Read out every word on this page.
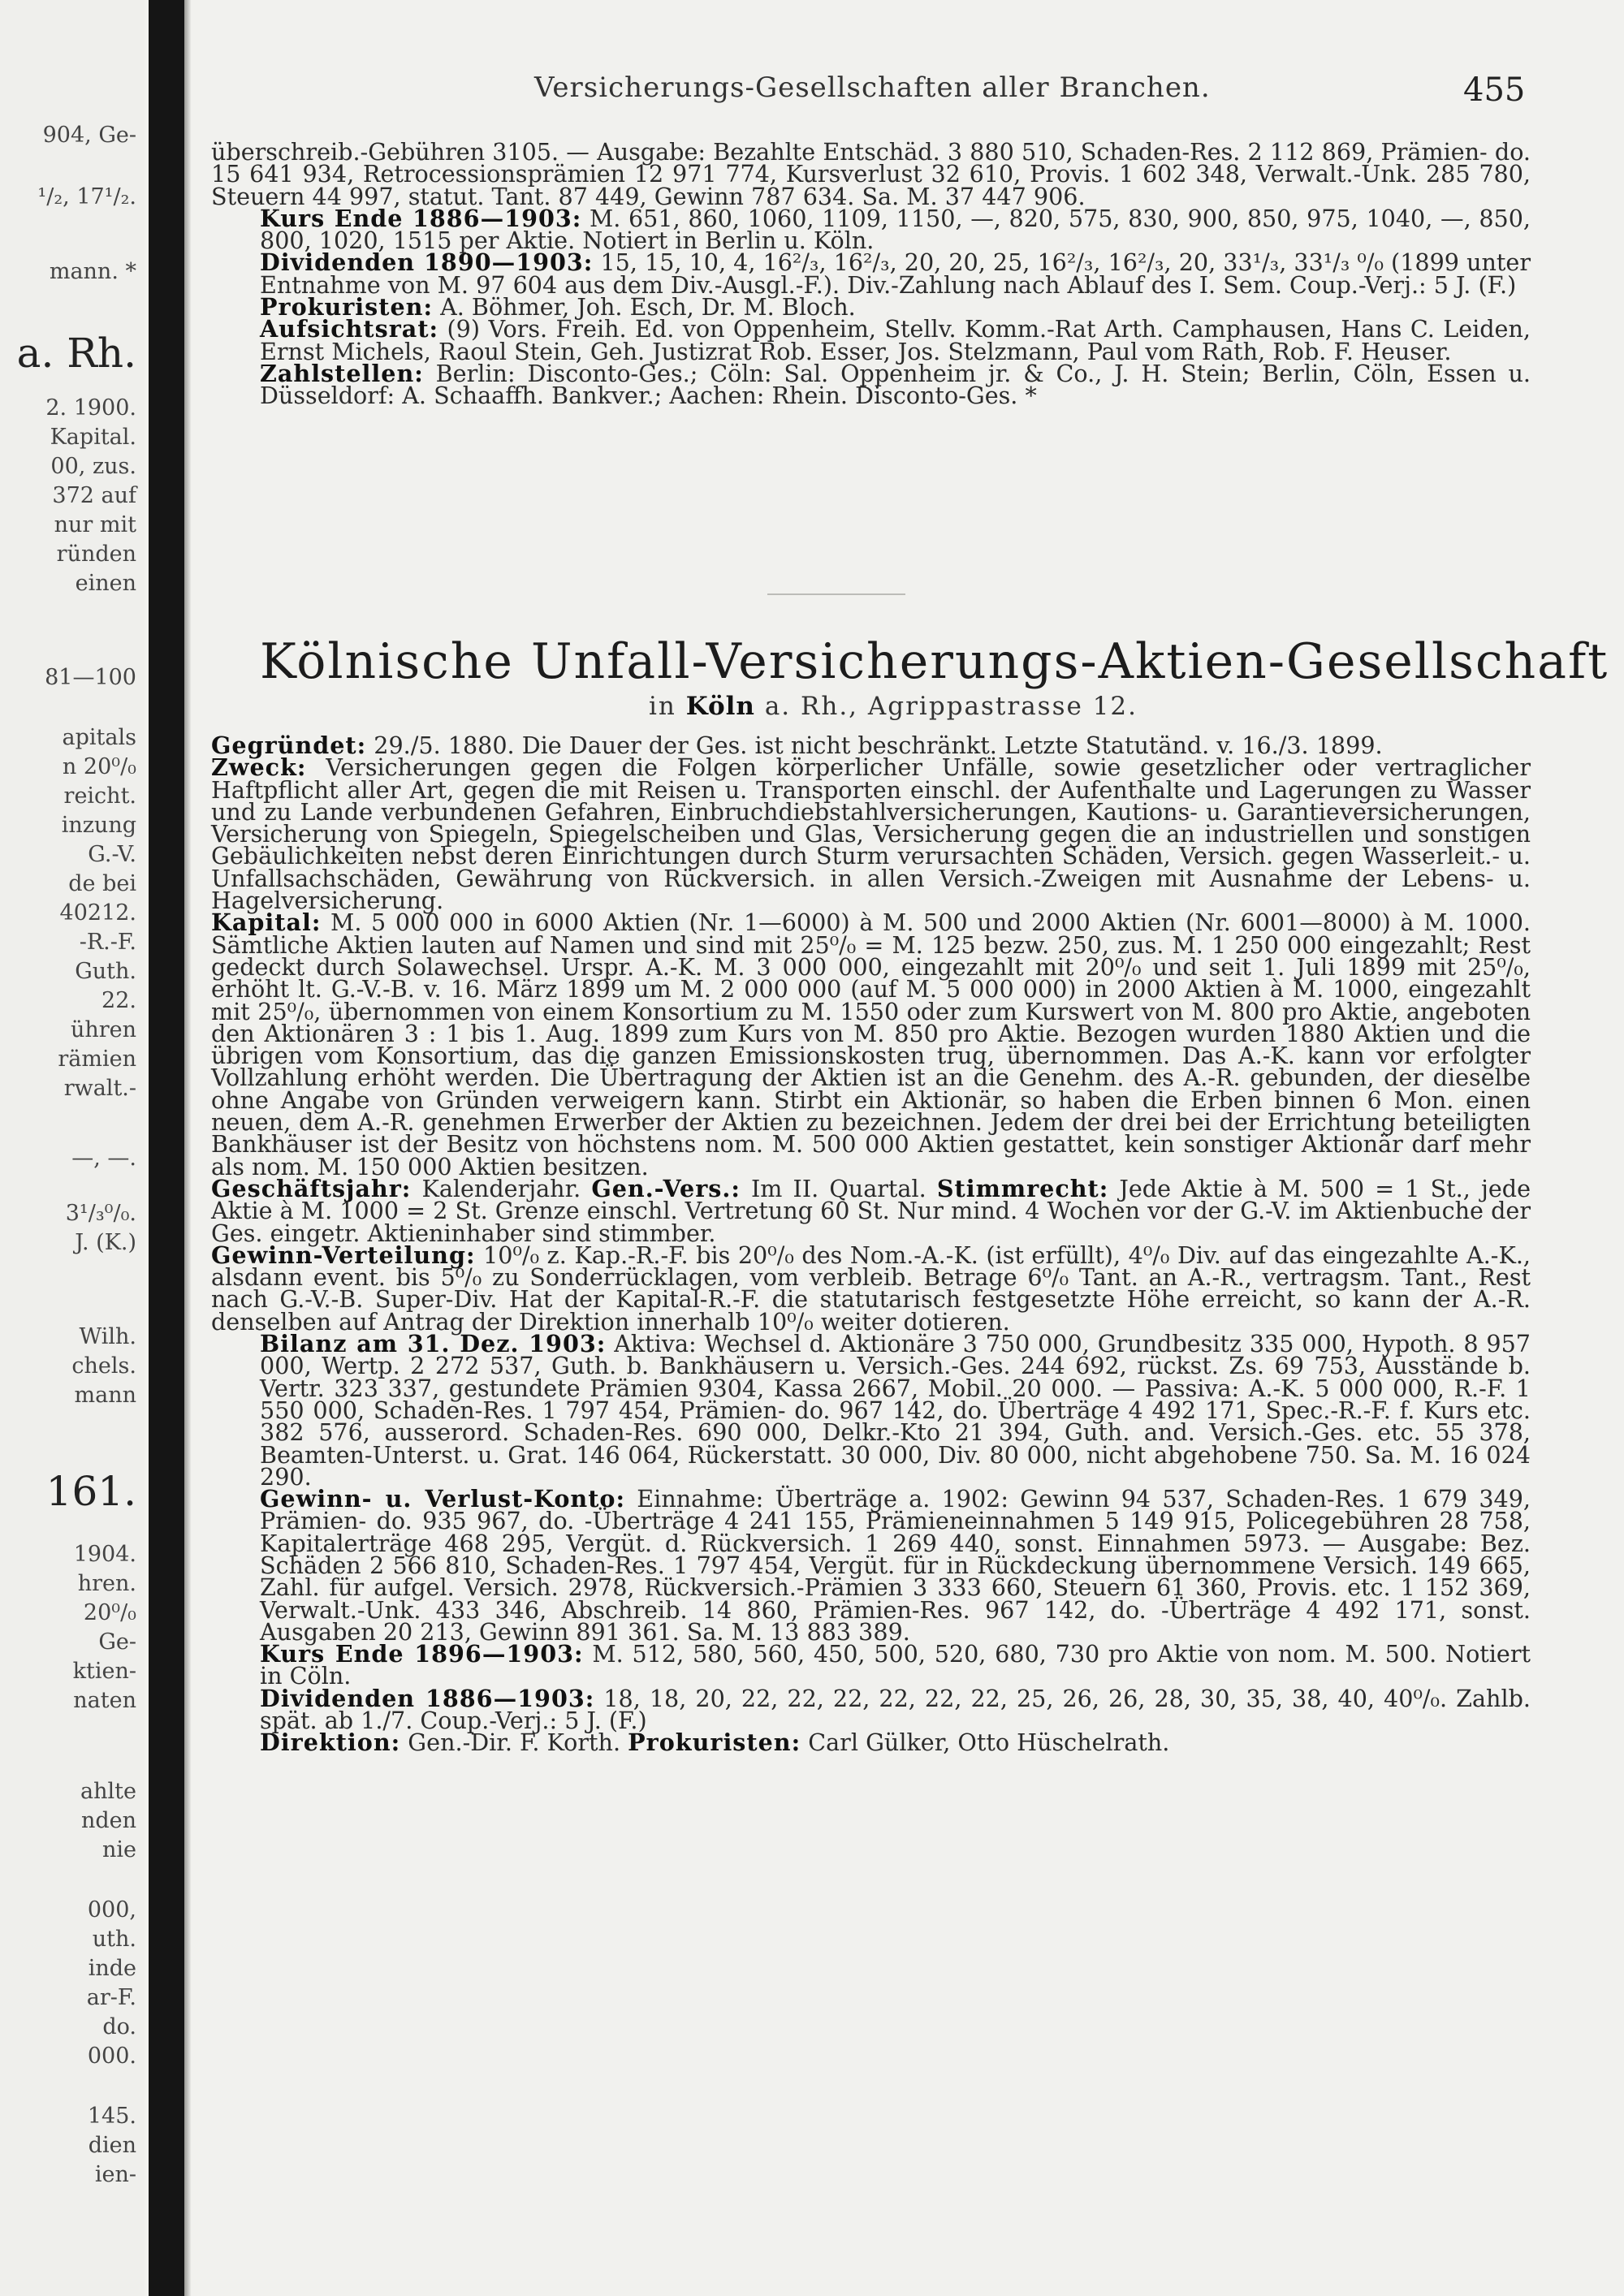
904, Ge-
¹/₂, 17¹/₂.
mann. *
a. Rh.
2. 1900.
Kapital.
00, zus.
372 auf
nur mit
ründen
einen
81—100
apitals
n 20⁰/₀
reicht.
inzung
G.-V.
de bei
40212.
-R.-F.
Guth.
22.
ühren
rämien
rwalt.-
—, —.
3¹/₃⁰/₀.
J. (K.)
Wilh.
chels.
mann
161.
1904.
hren.
20⁰/₀
Ge-
ktien-
naten
ahlte
nden
nie
000,
uth.
inde
ar-F.
do.
000.
145.
dien
ien-
Versicherungs-Gesellschaften aller Branchen.	455

überschreib.-Gebühren 3105. — Ausgabe: Bezahlte Entschäd. 3 880 510, Schaden-Res. 2 112 869, Prämien- do. 15 641 934, Retrocessionsprämien 12 971 774, Kursverlust 32 610, Provis. 1 602 348, Verwalt.-Unk. 285 780, Steuern 44 997, statut. Tant. 87 449, Gewinn 787 634. Sa. M. 37 447 906.

Kurs Ende 1886—1903: M. 651, 860, 1060, 1109, 1150, —, 820, 575, 830, 900, 850, 975, 1040, —, 850, 800, 1020, 1515 per Aktie. Notiert in Berlin u. Köln.

Dividenden 1890—1903: 15, 15, 10, 4, 16²/₃, 16²/₃, 20, 20, 25, 16²/₃, 16²/₃, 20, 33¹/₃, 33¹/₃ ⁰/₀ (1899 unter Entnahme von M. 97 604 aus dem Div.-Ausgl.-F.). Div.-Zahlung nach Ablauf des I. Sem. Coup.-Verj.: 5 J. (F.)

Prokuristen: A. Böhmer, Joh. Esch, Dr. M. Bloch.

Aufsichtsrat: (9) Vors. Freih. Ed. von Oppenheim, Stellv. Komm.-Rat Arth. Camphausen, Hans C. Leiden, Ernst Michels, Raoul Stein, Geh. Justizrat Rob. Esser, Jos. Stelzmann, Paul vom Rath, Rob. F. Heuser.

Zahlstellen: Berlin: Disconto-Ges.; Cöln: Sal. Oppenheim jr. & Co., J. H. Stein; Berlin, Cöln, Essen u. Düsseldorf: A. Schaaffh. Bankver.; Aachen: Rhein. Disconto-Ges. *

Kölnische Unfall-Versicherungs-Aktien-Gesellschaft
in Köln a. Rh., Agrippastrasse 12.

Gegründet: 29./5. 1880. Die Dauer der Ges. ist nicht beschränkt. Letzte Statutänd. v. 16./3. 1899.

Zweck: Versicherungen gegen die Folgen körperlicher Unfälle, sowie gesetzlicher oder vertraglicher Haftpflicht aller Art, gegen die mit Reisen u. Transporten einschl. der Aufenthalte und Lagerungen zu Wasser und zu Lande verbundenen Gefahren, Einbruchdiebstahlversicherungen, Kautions- u. Garantieversicherungen, Versicherung von Spiegeln, Spiegelscheiben und Glas, Versicherung gegen die an industriellen und sonstigen Gebäulichkeiten nebst deren Einrichtungen durch Sturm verursachten Schäden, Versich. gegen Wasserleit.- u. Unfallsachschäden, Gewährung von Rückversich. in allen Versich.-Zweigen mit Ausnahme der Lebens- u. Hagelversicherung.

Kapital: M. 5 000 000 in 6000 Aktien (Nr. 1—6000) à M. 500 und 2000 Aktien (Nr. 6001—8000) à M. 1000. Sämtliche Aktien lauten auf Namen und sind mit 25⁰/₀ = M. 125 bezw. 250, zus. M. 1 250 000 eingezahlt; Rest gedeckt durch Solawechsel. Urspr. A.-K. M. 3 000 000, eingezahlt mit 20⁰/₀ und seit 1. Juli 1899 mit 25⁰/₀, erhöht lt. G.-V.-B. v. 16. März 1899 um M. 2 000 000 (auf M. 5 000 000) in 2000 Aktien à M. 1000, eingezahlt mit 25⁰/₀, übernommen von einem Konsortium zu M. 1550 oder zum Kurswert von M. 800 pro Aktie, angeboten den Aktionären 3 : 1 bis 1. Aug. 1899 zum Kurs von M. 850 pro Aktie. Bezogen wurden 1880 Aktien und die übrigen vom Konsortium, das die ganzen Emissionskosten trug, übernommen. Das A.-K. kann vor erfolgter Vollzahlung erhöht werden. Die Übertragung der Aktien ist an die Genehm. des A.-R. gebunden, der dieselbe ohne Angabe von Gründen verweigern kann. Stirbt ein Aktionär, so haben die Erben binnen 6 Mon. einen neuen, dem A.-R. genehmen Erwerber der Aktien zu bezeichnen. Jedem der drei bei der Errichtung beteiligten Bankhäuser ist der Besitz von höchstens nom. M. 500 000 Aktien gestattet, kein sonstiger Aktionär darf mehr als nom. M. 150 000 Aktien besitzen.

Geschäftsjahr: Kalenderjahr. Gen.-Vers.: Im II. Quartal. Stimmrecht: Jede Aktie à M. 500 = 1 St., jede Aktie à M. 1000 = 2 St. Grenze einschl. Vertretung 60 St. Nur mind. 4 Wochen vor der G.-V. im Aktienbuche der Ges. eingetr. Aktieninhaber sind stimmber.

Gewinn-Verteilung: 10⁰/₀ z. Kap.-R.-F. bis 20⁰/₀ des Nom.-A.-K. (ist erfüllt), 4⁰/₀ Div. auf das eingezahlte A.-K., alsdann event. bis 5⁰/₀ zu Sonderrücklagen, vom verbleib. Betrage 6⁰/₀ Tant. an A.-R., vertragsm. Tant., Rest nach G.-V.-B. Super-Div. Hat der Kapital-R.-F. die statutarisch festgesetzte Höhe erreicht, so kann der A.-R. denselben auf Antrag der Direktion innerhalb 10⁰/₀ weiter dotieren.

Bilanz am 31. Dez. 1903: Aktiva: Wechsel d. Aktionäre 3 750 000, Grundbesitz 335 000, Hypoth. 8 957 000, Wertp. 2 272 537, Guth. b. Bankhäusern u. Versich.-Ges. 244 692, rückst. Zs. 69 753, Ausstände b. Vertr. 323 337, gestundete Prämien 9304, Kassa 2667, Mobil. 20 000. — Passiva: A.-K. 5 000 000, R.-F. 1 550 000, Schaden-Res. 1 797 454, Prämien- do. 967 142, do. Überträge 4 492 171, Spec.-R.-F. f. Kurs etc. 382 576, ausserord. Schaden-Res. 690 000, Delkr.-Kto 21 394, Guth. and. Versich.-Ges. etc. 55 378, Beamten-Unterst. u. Grat. 146 064, Rückerstatt. 30 000, Div. 80 000, nicht abgehobene 750. Sa. M. 16 024 290.

Gewinn- u. Verlust-Konto: Einnahme: Überträge a. 1902: Gewinn 94 537, Schaden-Res. 1 679 349, Prämien- do. 935 967, do. -Überträge 4 241 155, Prämieneinnahmen 5 149 915, Policegebühren 28 758, Kapitalerträge 468 295, Vergüt. d. Rückversich. 1 269 440, sonst. Einnahmen 5973. — Ausgabe: Bez. Schäden 2 566 810, Schaden-Res. 1 797 454, Vergüt. für in Rückdeckung übernommene Versich. 149 665, Zahl. für aufgel. Versich. 2978, Rückversich.-Prämien 3 333 660, Steuern 61 360, Provis. etc. 1 152 369, Verwalt.-Unk. 433 346, Abschreib. 14 860, Prämien-Res. 967 142, do. -Überträge 4 492 171, sonst. Ausgaben 20 213, Gewinn 891 361. Sa. M. 13 883 389.

Kurs Ende 1896—1903: M. 512, 580, 560, 450, 500, 520, 680, 730 pro Aktie von nom. M. 500. Notiert in Cöln.

Dividenden 1886—1903: 18, 18, 20, 22, 22, 22, 22, 22, 22, 25, 26, 26, 28, 30, 35, 38, 40, 40⁰/₀. Zahlb. spät. ab 1./7. Coup.-Verj.: 5 J. (F.)

Direktion: Gen.-Dir. F. Korth. Prokuristen: Carl Gülker, Otto Hüschelrath.
